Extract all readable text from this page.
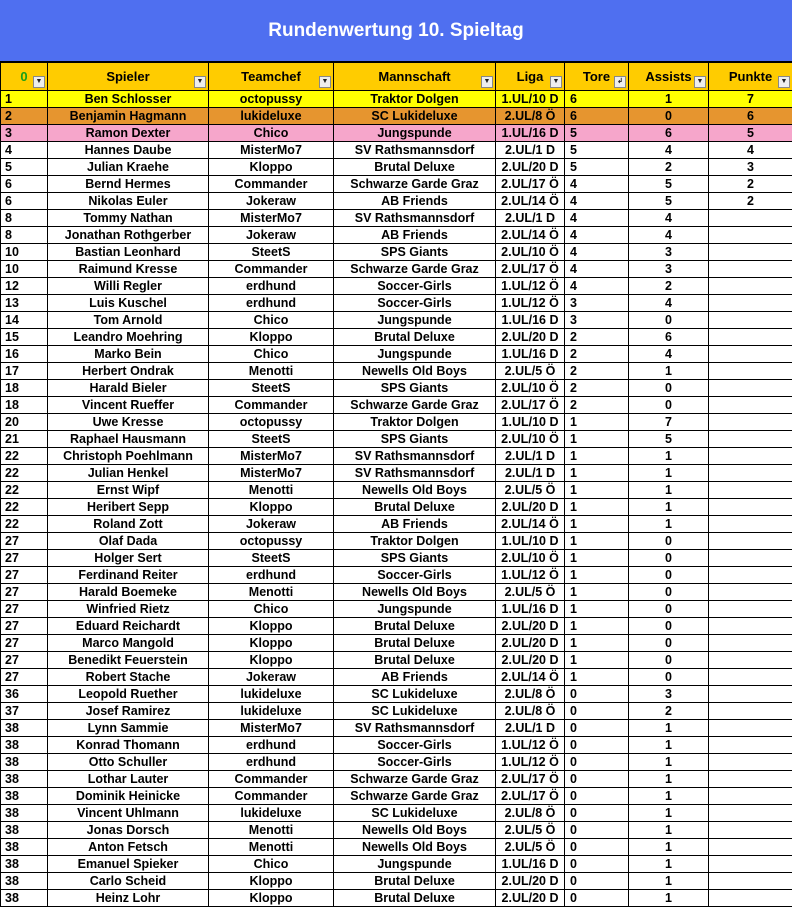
Rundenwertung 10. Spieltag
0 ▼	Spieler ▼	Teamchef ▼	Mannschaft ▼	Liga ▼	Tore ↲	Assists ▼	Punkte ▼

1	Ben Schlosser	octopussy	Traktor Dolgen	1.UL/10 D	6	1	7
2	Benjamin Hagmann	lukideluxe	SC Lukideluxe	2.UL/8 Ö	6	0	6
3	Ramon Dexter	Chico	Jungspunde	1.UL/16 D	5	6	5
4	Hannes Daube	MisterMo7	SV Rathsmannsdorf	2.UL/1 D	5	4	4
5	Julian Kraehe	Kloppo	Brutal Deluxe	2.UL/20 D	5	2	3
6	Bernd Hermes	Commander	Schwarze Garde Graz	2.UL/17 Ö	4	5	2
6	Nikolas Euler	Jokeraw	AB Friends	2.UL/14 Ö	4	5	2
8	Tommy Nathan	MisterMo7	SV Rathsmannsdorf	2.UL/1 D	4	4	
8	Jonathan Rothgerber	Jokeraw	AB Friends	2.UL/14 Ö	4	4	
10	Bastian Leonhard	SteetS	SPS Giants	2.UL/10 Ö	4	3	
10	Raimund Kresse	Commander	Schwarze Garde Graz	2.UL/17 Ö	4	3	
12	Willi Regler	erdhund	Soccer-Girls	1.UL/12 Ö	4	2	
13	Luis Kuschel	erdhund	Soccer-Girls	1.UL/12 Ö	3	4	
14	Tom Arnold	Chico	Jungspunde	1.UL/16 D	3	0	
15	Leandro Moehring	Kloppo	Brutal Deluxe	2.UL/20 D	2	6	
16	Marko Bein	Chico	Jungspunde	1.UL/16 D	2	4	
17	Herbert Ondrak	Menotti	Newells Old Boys	2.UL/5 Ö	2	1	
18	Harald Bieler	SteetS	SPS Giants	2.UL/10 Ö	2	0	
18	Vincent Rueffer	Commander	Schwarze Garde Graz	2.UL/17 Ö	2	0	
20	Uwe Kresse	octopussy	Traktor Dolgen	1.UL/10 D	1	7	
21	Raphael Hausmann	SteetS	SPS Giants	2.UL/10 Ö	1	5	
22	Christoph Poehlmann	MisterMo7	SV Rathsmannsdorf	2.UL/1 D	1	1	
22	Julian Henkel	MisterMo7	SV Rathsmannsdorf	2.UL/1 D	1	1	
22	Ernst Wipf	Menotti	Newells Old Boys	2.UL/5 Ö	1	1	
22	Heribert Sepp	Kloppo	Brutal Deluxe	2.UL/20 D	1	1	
22	Roland Zott	Jokeraw	AB Friends	2.UL/14 Ö	1	1	
27	Olaf Dada	octopussy	Traktor Dolgen	1.UL/10 D	1	0	
27	Holger Sert	SteetS	SPS Giants	2.UL/10 Ö	1	0	
27	Ferdinand Reiter	erdhund	Soccer-Girls	1.UL/12 Ö	1	0	
27	Harald Boemeke	Menotti	Newells Old Boys	2.UL/5 Ö	1	0	
27	Winfried Rietz	Chico	Jungspunde	1.UL/16 D	1	0	
27	Eduard Reichardt	Kloppo	Brutal Deluxe	2.UL/20 D	1	0	
27	Marco Mangold	Kloppo	Brutal Deluxe	2.UL/20 D	1	0	
27	Benedikt Feuerstein	Kloppo	Brutal Deluxe	2.UL/20 D	1	0	
27	Robert Stache	Jokeraw	AB Friends	2.UL/14 Ö	1	0	
36	Leopold Ruether	lukideluxe	SC Lukideluxe	2.UL/8 Ö	0	3	
37	Josef Ramirez	lukideluxe	SC Lukideluxe	2.UL/8 Ö	0	2	
38	Lynn Sammie	MisterMo7	SV Rathsmannsdorf	2.UL/1 D	0	1	
38	Konrad Thomann	erdhund	Soccer-Girls	1.UL/12 Ö	0	1	
38	Otto Schuller	erdhund	Soccer-Girls	1.UL/12 Ö	0	1	
38	Lothar Lauter	Commander	Schwarze Garde Graz	2.UL/17 Ö	0	1	
38	Dominik Heinicke	Commander	Schwarze Garde Graz	2.UL/17 Ö	0	1	
38	Vincent Uhlmann	lukideluxe	SC Lukideluxe	2.UL/8 Ö	0	1	
38	Jonas Dorsch	Menotti	Newells Old Boys	2.UL/5 Ö	0	1	
38	Anton Fetsch	Menotti	Newells Old Boys	2.UL/5 Ö	0	1	
38	Emanuel Spieker	Chico	Jungspunde	1.UL/16 D	0	1	
38	Carlo Scheid	Kloppo	Brutal Deluxe	2.UL/20 D	0	1	
38	Heinz Lohr	Kloppo	Brutal Deluxe	2.UL/20 D	0	1	
